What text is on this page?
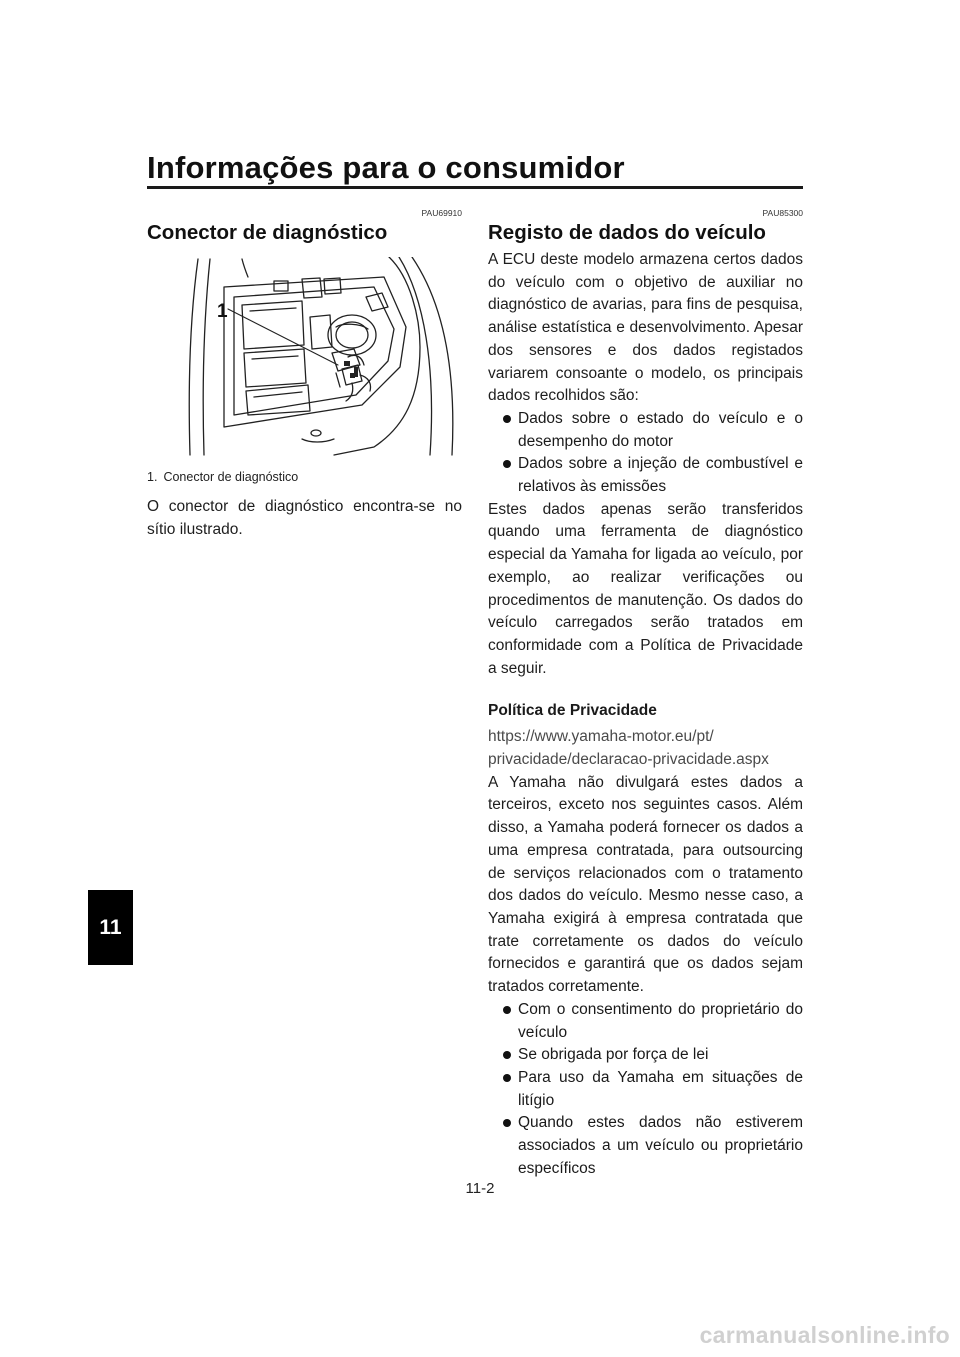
Informações para o consumidor
11
PAU69910
Conector de diagnóstico
1
1. Conector de diagnóstico

O conector de diagnóstico encontra-se no sítio ilustrado.

PAU85300
Registo de dados do veículo

A ECU deste modelo armazena certos dados do veículo com o objetivo de auxiliar no diagnóstico de avarias, para fins de pesquisa, análise estatística e desenvolvimento. Apesar dos sensores e dos dados registados variarem consoante o modelo, os principais dados recolhidos são:

Dados sobre o estado do veículo e o desempenho do motor
Dados sobre a injeção de combustível e relativos às emissões

Estes dados apenas serão transferidos quando uma ferramenta de diagnóstico especial da Yamaha for ligada ao veículo, por exemplo, ao realizar verificações ou procedimentos de manutenção. Os dados do veículo carregados serão tratados em conformidade com a Política de Privacidade a seguir.

Política de Privacidade
https://www.yamaha-motor.eu/pt/
privacidade/declaracao-privacidade.aspx

A Yamaha não divulgará estes dados a terceiros, exceto nos seguintes casos. Além disso, a Yamaha poderá fornecer os dados a uma empresa contratada, para outsourcing de serviços relacionados com o tratamento dos dados do veículo. Mesmo nesse caso, a Yamaha exigirá à empresa contratada que trate corretamente os dados do veículo fornecidos e garantirá que os dados sejam tratados corretamente.

Com o consentimento do proprietário do veículo
Se obrigada por força de lei
Para uso da Yamaha em situações de litígio
Quando estes dados não estiverem associados a um veículo ou proprietário específicos
11-2
carmanualsonline.info
